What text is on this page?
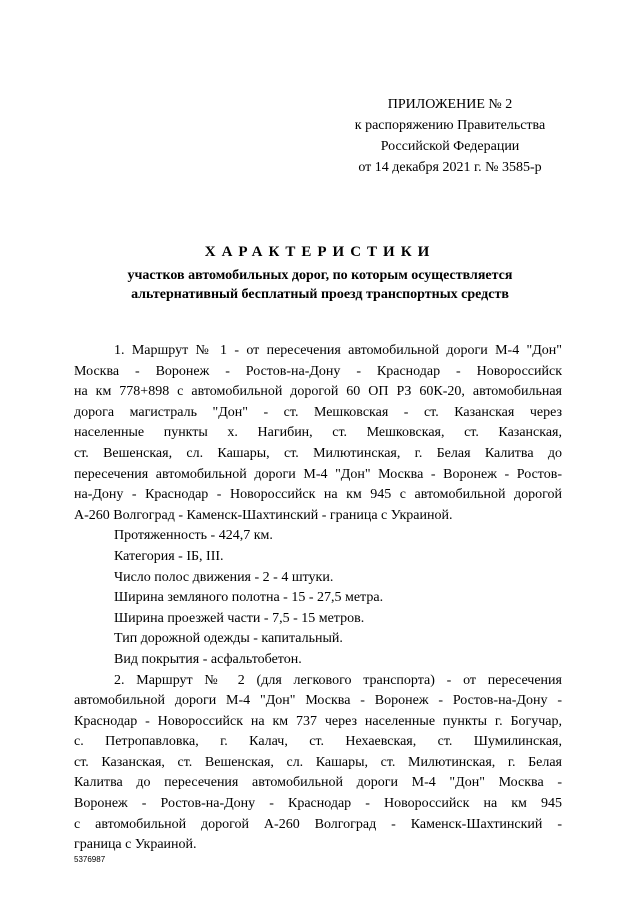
ПРИЛОЖЕНИЕ № 2
к распоряжению Правительства
Российской Федерации
от 14 декабря 2021 г. № 3585-р
ХАРАКТЕРИСТИКИ
участков автомобильных дорог, по которым осуществляется
альтернативный бесплатный проезд транспортных средств
1. Маршрут № 1 - от пересечения автомобильной дороги М-4 "Дон"
Москва - Воронеж - Ростов-на-Дону - Краснодар - Новороссийск
на км 778+898 с автомобильной дорогой 60 ОП РЗ 60К-20, автомобильная
дорога магистраль "Дон" - ст. Мешковская - ст. Казанская через
населенные пункты х. Нагибин, ст. Мешковская, ст. Казанская,
ст. Вешенская, сл. Кашары, ст. Милютинская, г. Белая Калитва до
пересечения автомобильной дороги М-4 "Дон" Москва - Воронеж - Ростов-
на-Дону - Краснодар - Новороссийск на км 945 с автомобильной дорогой
А-260 Волгоград - Каменск-Шахтинский - граница с Украиной.
Протяженность - 424,7 км.
Категория - IБ, III.
Число полос движения - 2 - 4 штуки.
Ширина земляного полотна - 15 - 27,5 метра.
Ширина проезжей части - 7,5 - 15 метров.
Тип дорожной одежды - капитальный.
Вид покрытия - асфальтобетон.
2. Маршрут № 2 (для легкового транспорта) - от пересечения
автомобильной дороги М-4 "Дон" Москва - Воронеж - Ростов-на-Дону -
Краснодар - Новороссийск на км 737 через населенные пункты г. Богучар,
с. Петропавловка, г. Калач, ст. Нехаевская, ст. Шумилинская,
ст. Казанская, ст. Вешенская, сл. Кашары, ст. Милютинская, г. Белая
Калитва до пересечения автомобильной дороги М-4 "Дон" Москва -
Воронеж - Ростов-на-Дону - Краснодар - Новороссийск на км 945
с автомобильной дорогой А-260 Волгоград - Каменск-Шахтинский -
граница с Украиной.
5376987
